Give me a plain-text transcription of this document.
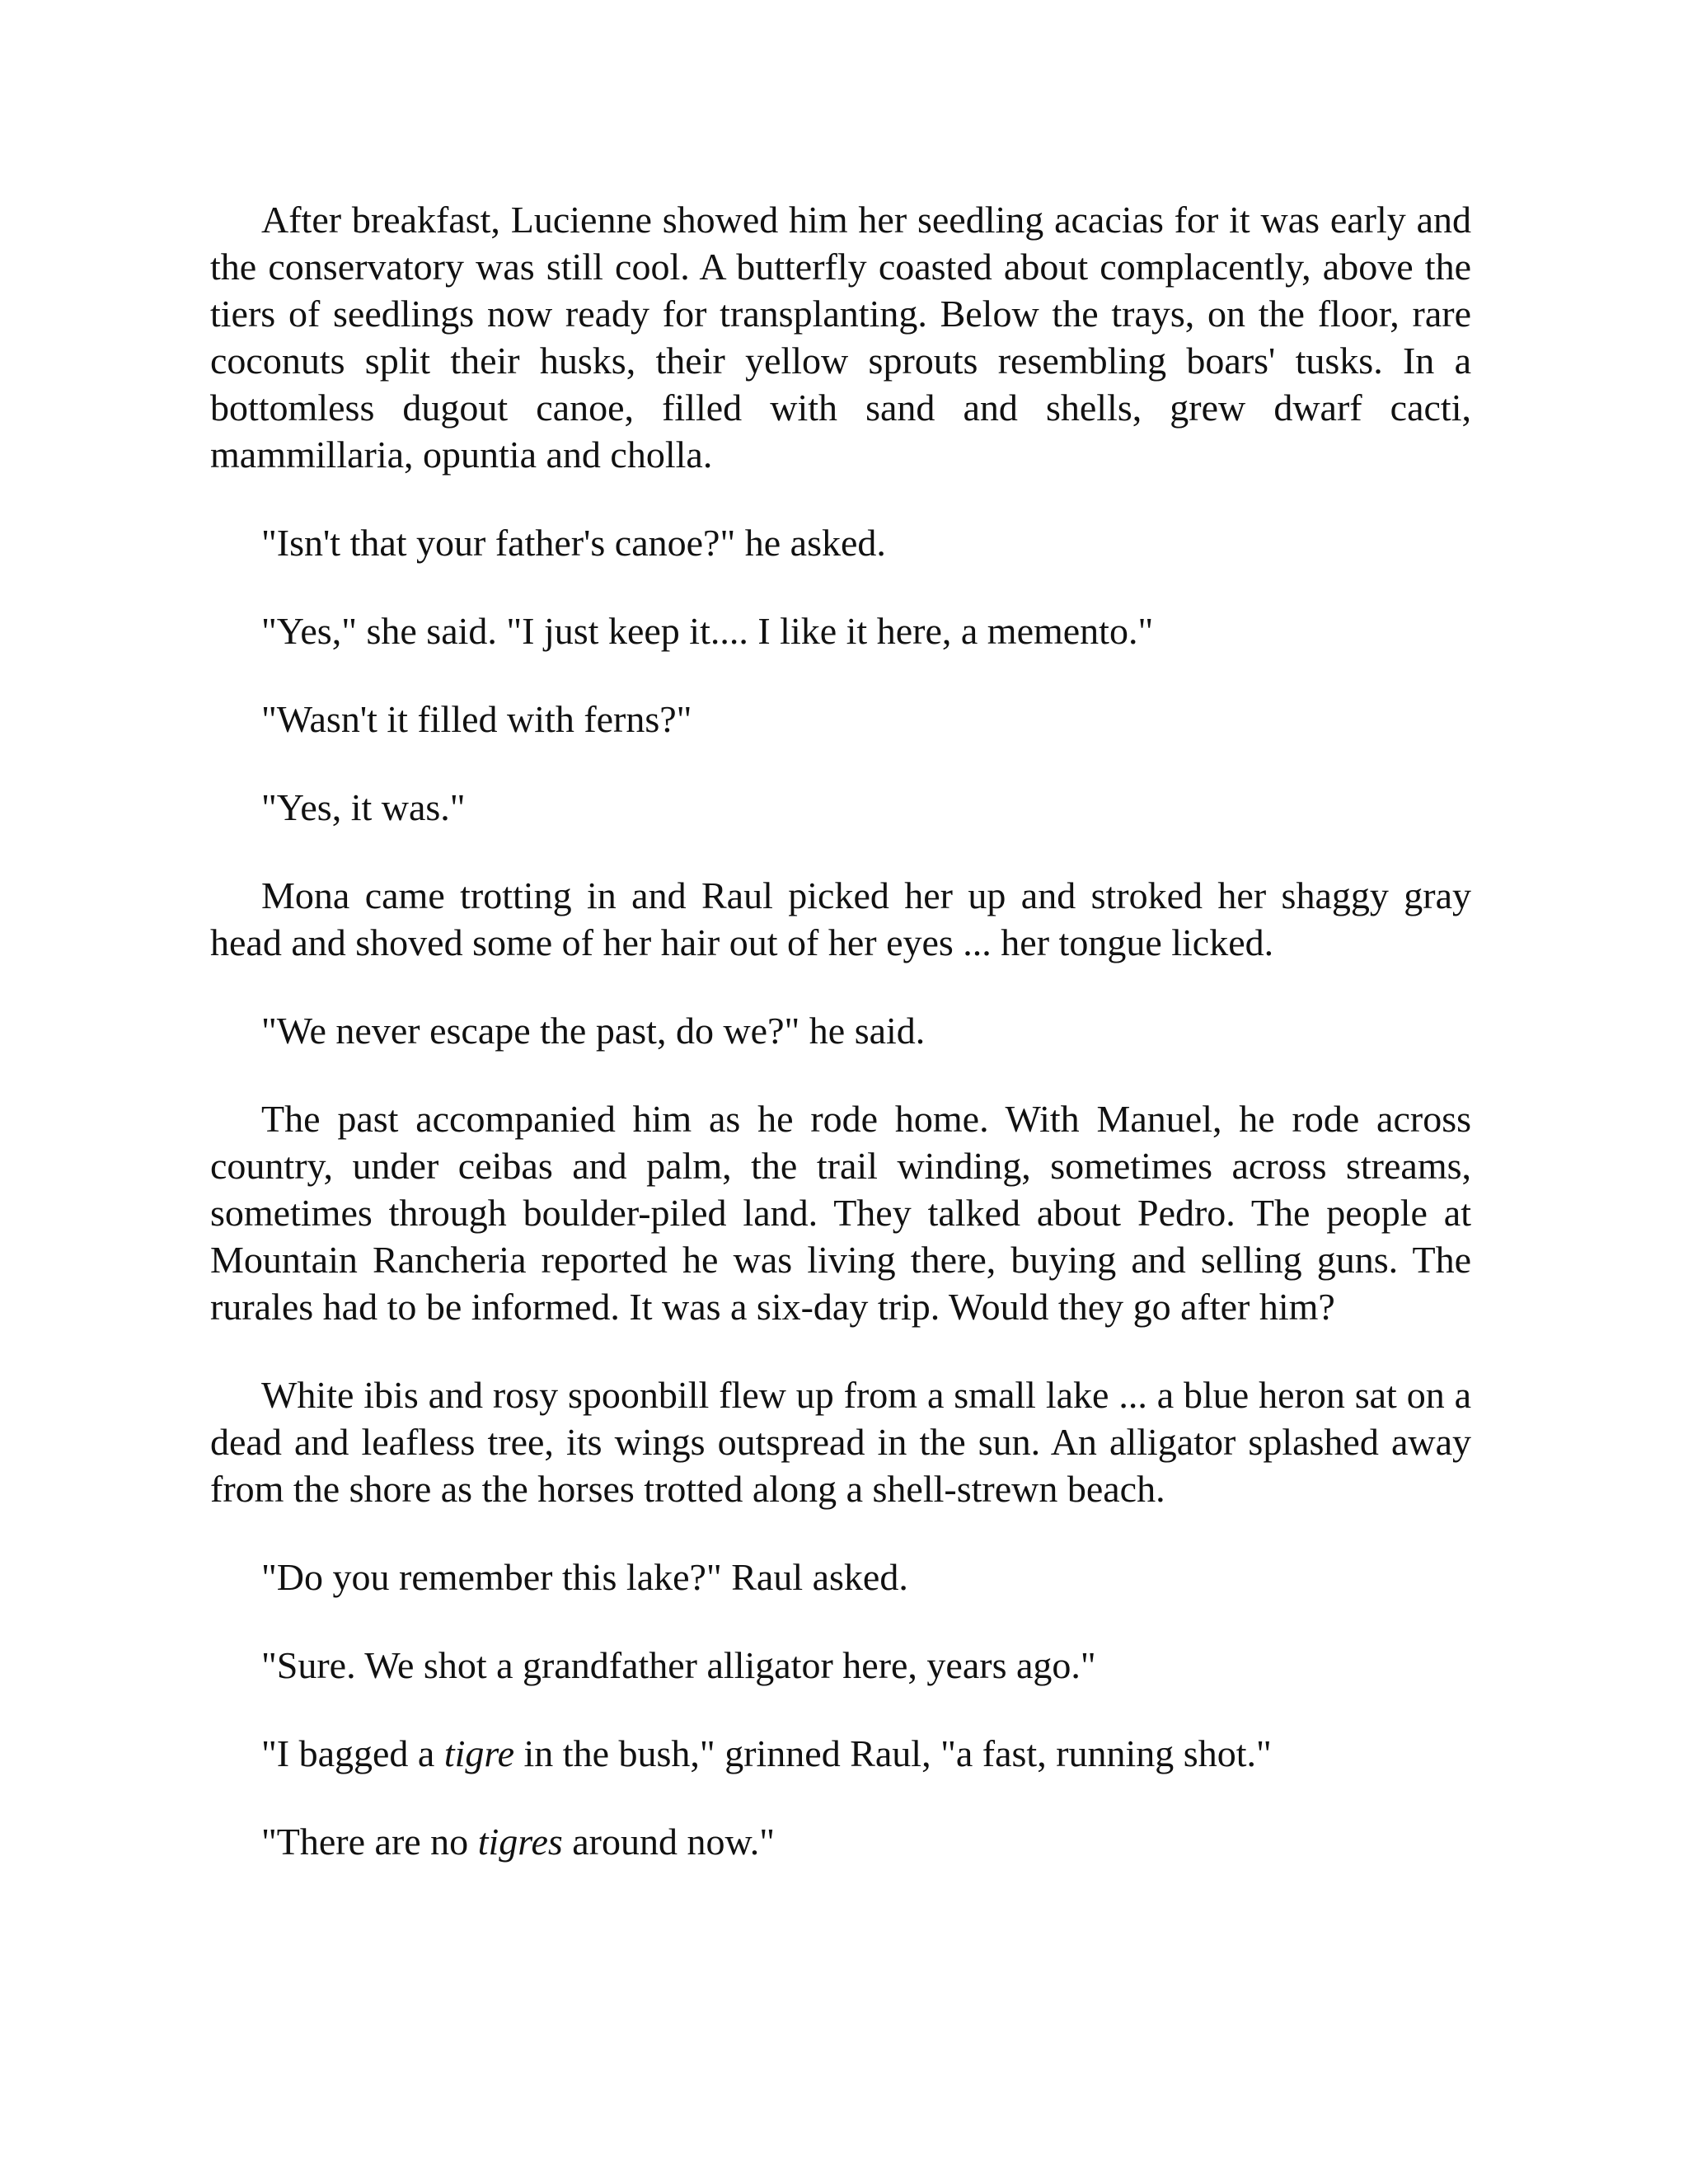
After breakfast, Lucienne showed him her seedling acacias for it was early and the conservatory was still cool. A butterfly coasted about complacently, above the tiers of seedlings now ready for transplanting. Below the trays, on the floor, rare coconuts split their husks, their yellow sprouts resembling boars' tusks. In a bottomless dugout canoe, filled with sand and shells, grew dwarf cacti, mammillaria, opuntia and cholla.

"Isn't that your father's canoe?" he asked.

"Yes," she said. "I just keep it.... I like it here, a memento."

"Wasn't it filled with ferns?"

"Yes, it was."

Mona came trotting in and Raul picked her up and stroked her shaggy gray head and shoved some of her hair out of her eyes ... her tongue licked.

"We never escape the past, do we?" he said.

The past accompanied him as he rode home. With Manuel, he rode across country, under ceibas and palm, the trail winding, sometimes across streams, sometimes through boulder-piled land. They talked about Pedro. The people at Mountain Rancheria reported he was living there, buying and selling guns. The rurales had to be informed. It was a six-day trip. Would they go after him?

White ibis and rosy spoonbill flew up from a small lake ... a blue heron sat on a dead and leafless tree, its wings outspread in the sun. An alligator splashed away from the shore as the horses trotted along a shell-strewn beach.

"Do you remember this lake?" Raul asked.

"Sure. We shot a grandfather alligator here, years ago."

"I bagged a tigre in the bush," grinned Raul, "a fast, running shot."

"There are no tigres around now."
